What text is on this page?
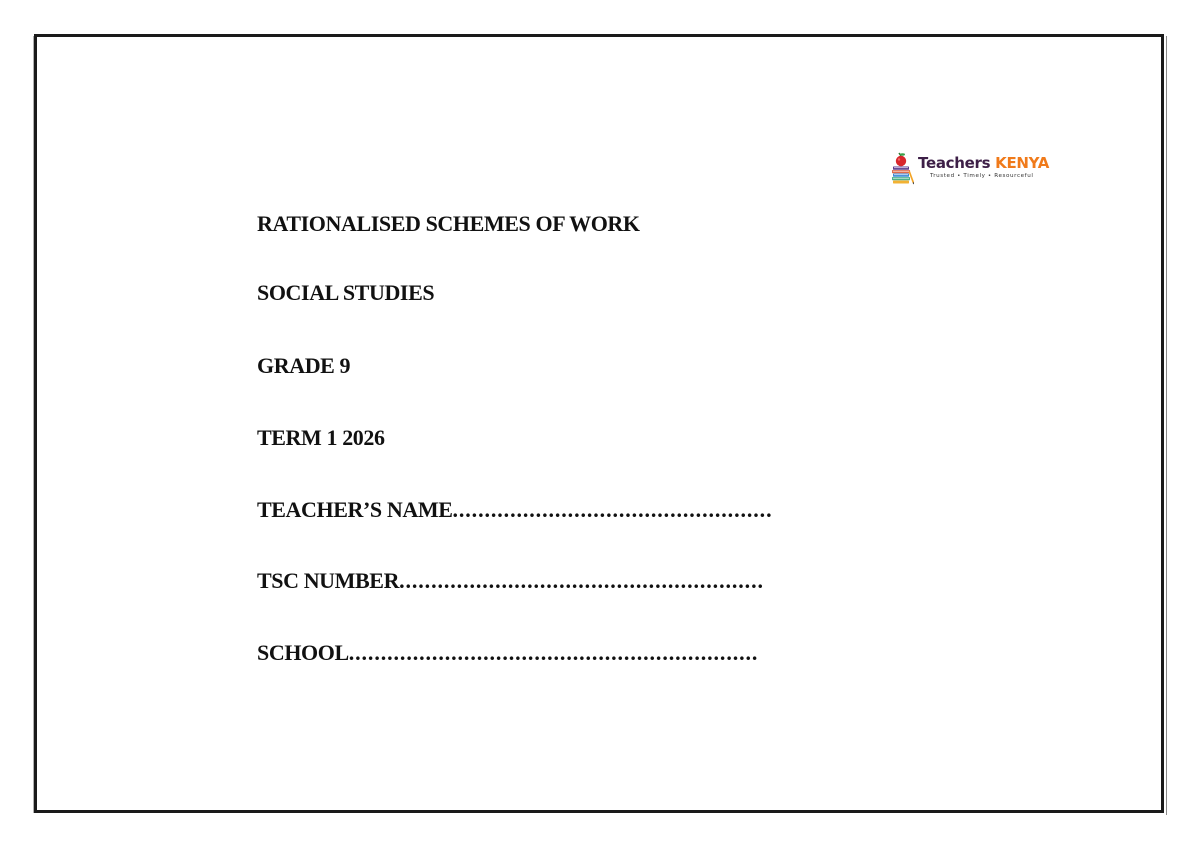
Teachers KENYA
Trusted • Timely • Resourceful
RATIONALISED SCHEMES OF WORK
SOCIAL STUDIES
GRADE 9
TERM 1 2026
TEACHER’S NAME..................................................
TSC NUMBER.........................................................
SCHOOL................................................................
